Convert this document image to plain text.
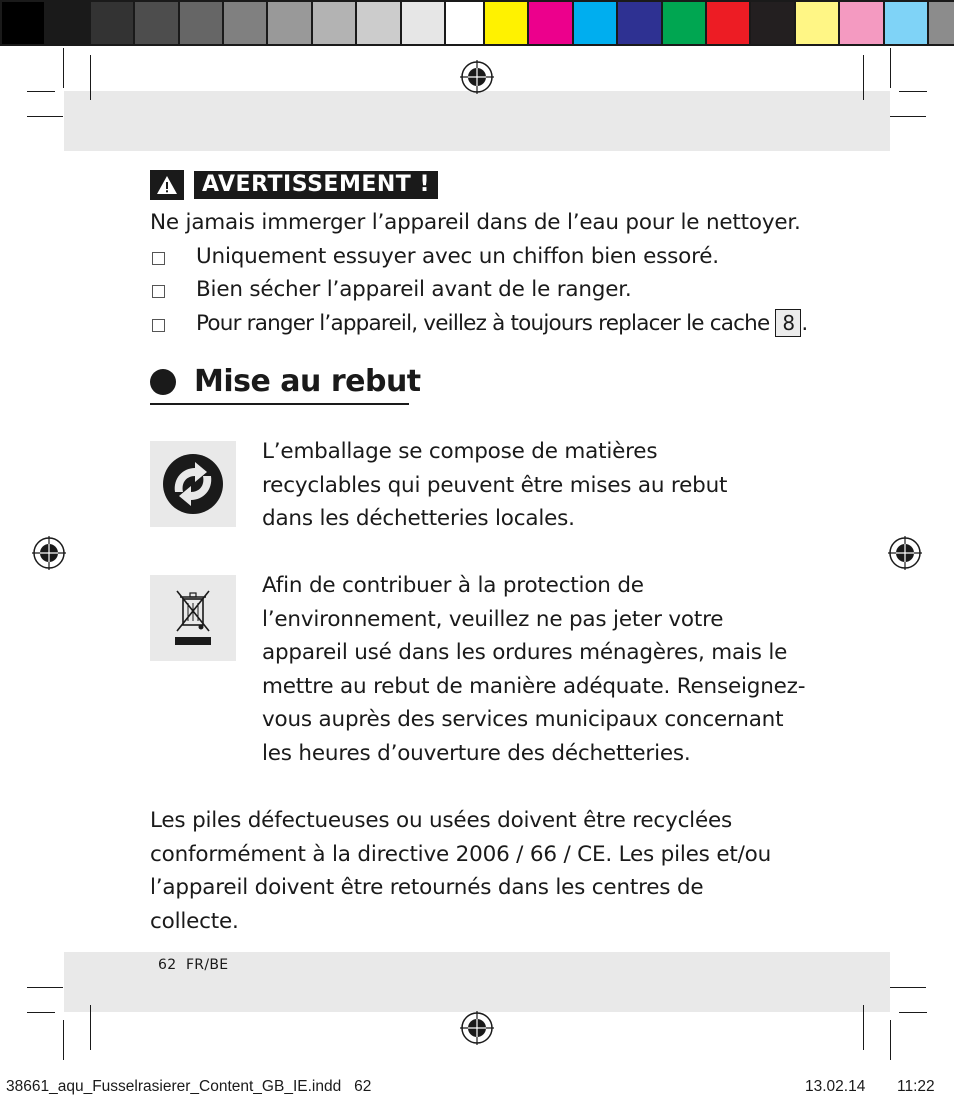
AVERTISSEMENT !

Ne jamais immerger l’appareil dans de l’eau pour le nettoyer.

Uniquement essuyer avec un chiffon bien essoré.
Bien sécher l’appareil avant de le ranger.
Pour ranger l’appareil, veillez à toujours replacer le cache 8 .
Mise au rebut
L’emballage se compose de matières recyclables qui peuvent être mises au rebut dans les déchetteries locales.
Afin de contribuer à la protection de l’environnement, veuillez ne pas jeter votre appareil usé dans les ordures ménagères, mais le mettre au rebut de manière adéquate. Renseignez-vous auprès des services municipaux concernant les heures d’ouverture des déchetteries.
Les piles défectueuses ou usées doivent être recyclées conformément à la directive 2006 / 66 / CE. Les piles et/ou l’appareil doivent être retournés dans les centres de collecte.
62 FR/BE
38661_aqu_Fusselrasierer_Content_GB_IE.indd   62	13.02.14 11:22
